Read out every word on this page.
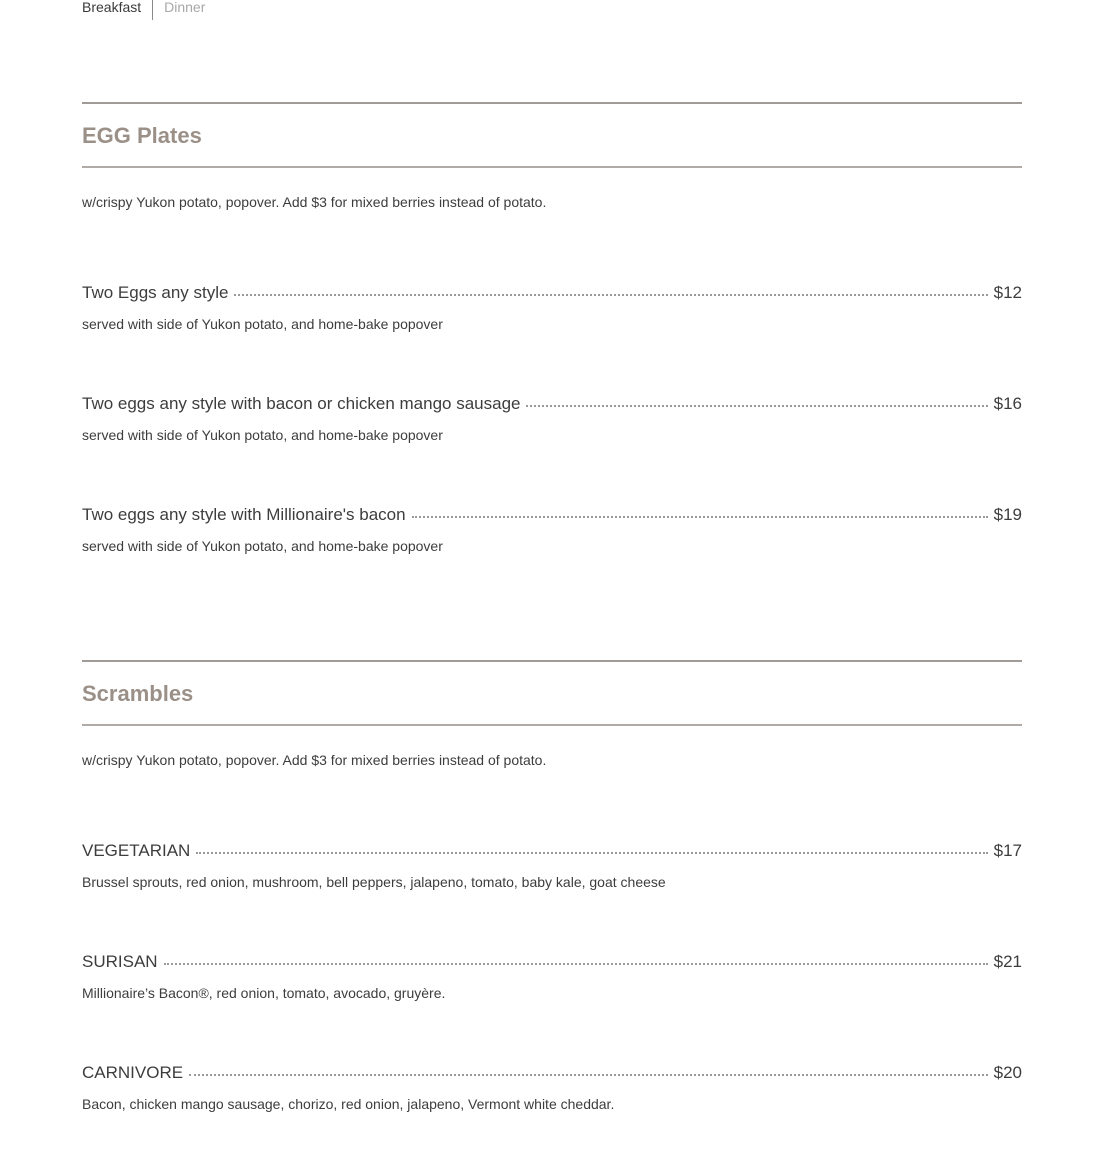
Breakfast	Dinner
EGG Plates
w/crispy Yukon potato, popover. Add $3 for mixed berries instead of potato.
Two Eggs any style	$12
served with side of Yukon potato, and home-bake popover
Two eggs any style with bacon or chicken mango sausage	$16
served with side of Yukon potato, and home-bake popover
Two eggs any style with Millionaire's bacon	$19
served with side of Yukon potato, and home-bake popover
Scrambles
w/crispy Yukon potato, popover. Add $3 for mixed berries instead of potato.
VEGETARIAN	$17
Brussel sprouts, red onion, mushroom, bell peppers, jalapeno, tomato, baby kale, goat cheese
SURISAN	$21
Millionaire’s Bacon®, red onion, tomato, avocado, gruyère.
CARNIVORE	$20
Bacon, chicken mango sausage, chorizo, red onion, jalapeno, Vermont white cheddar.
